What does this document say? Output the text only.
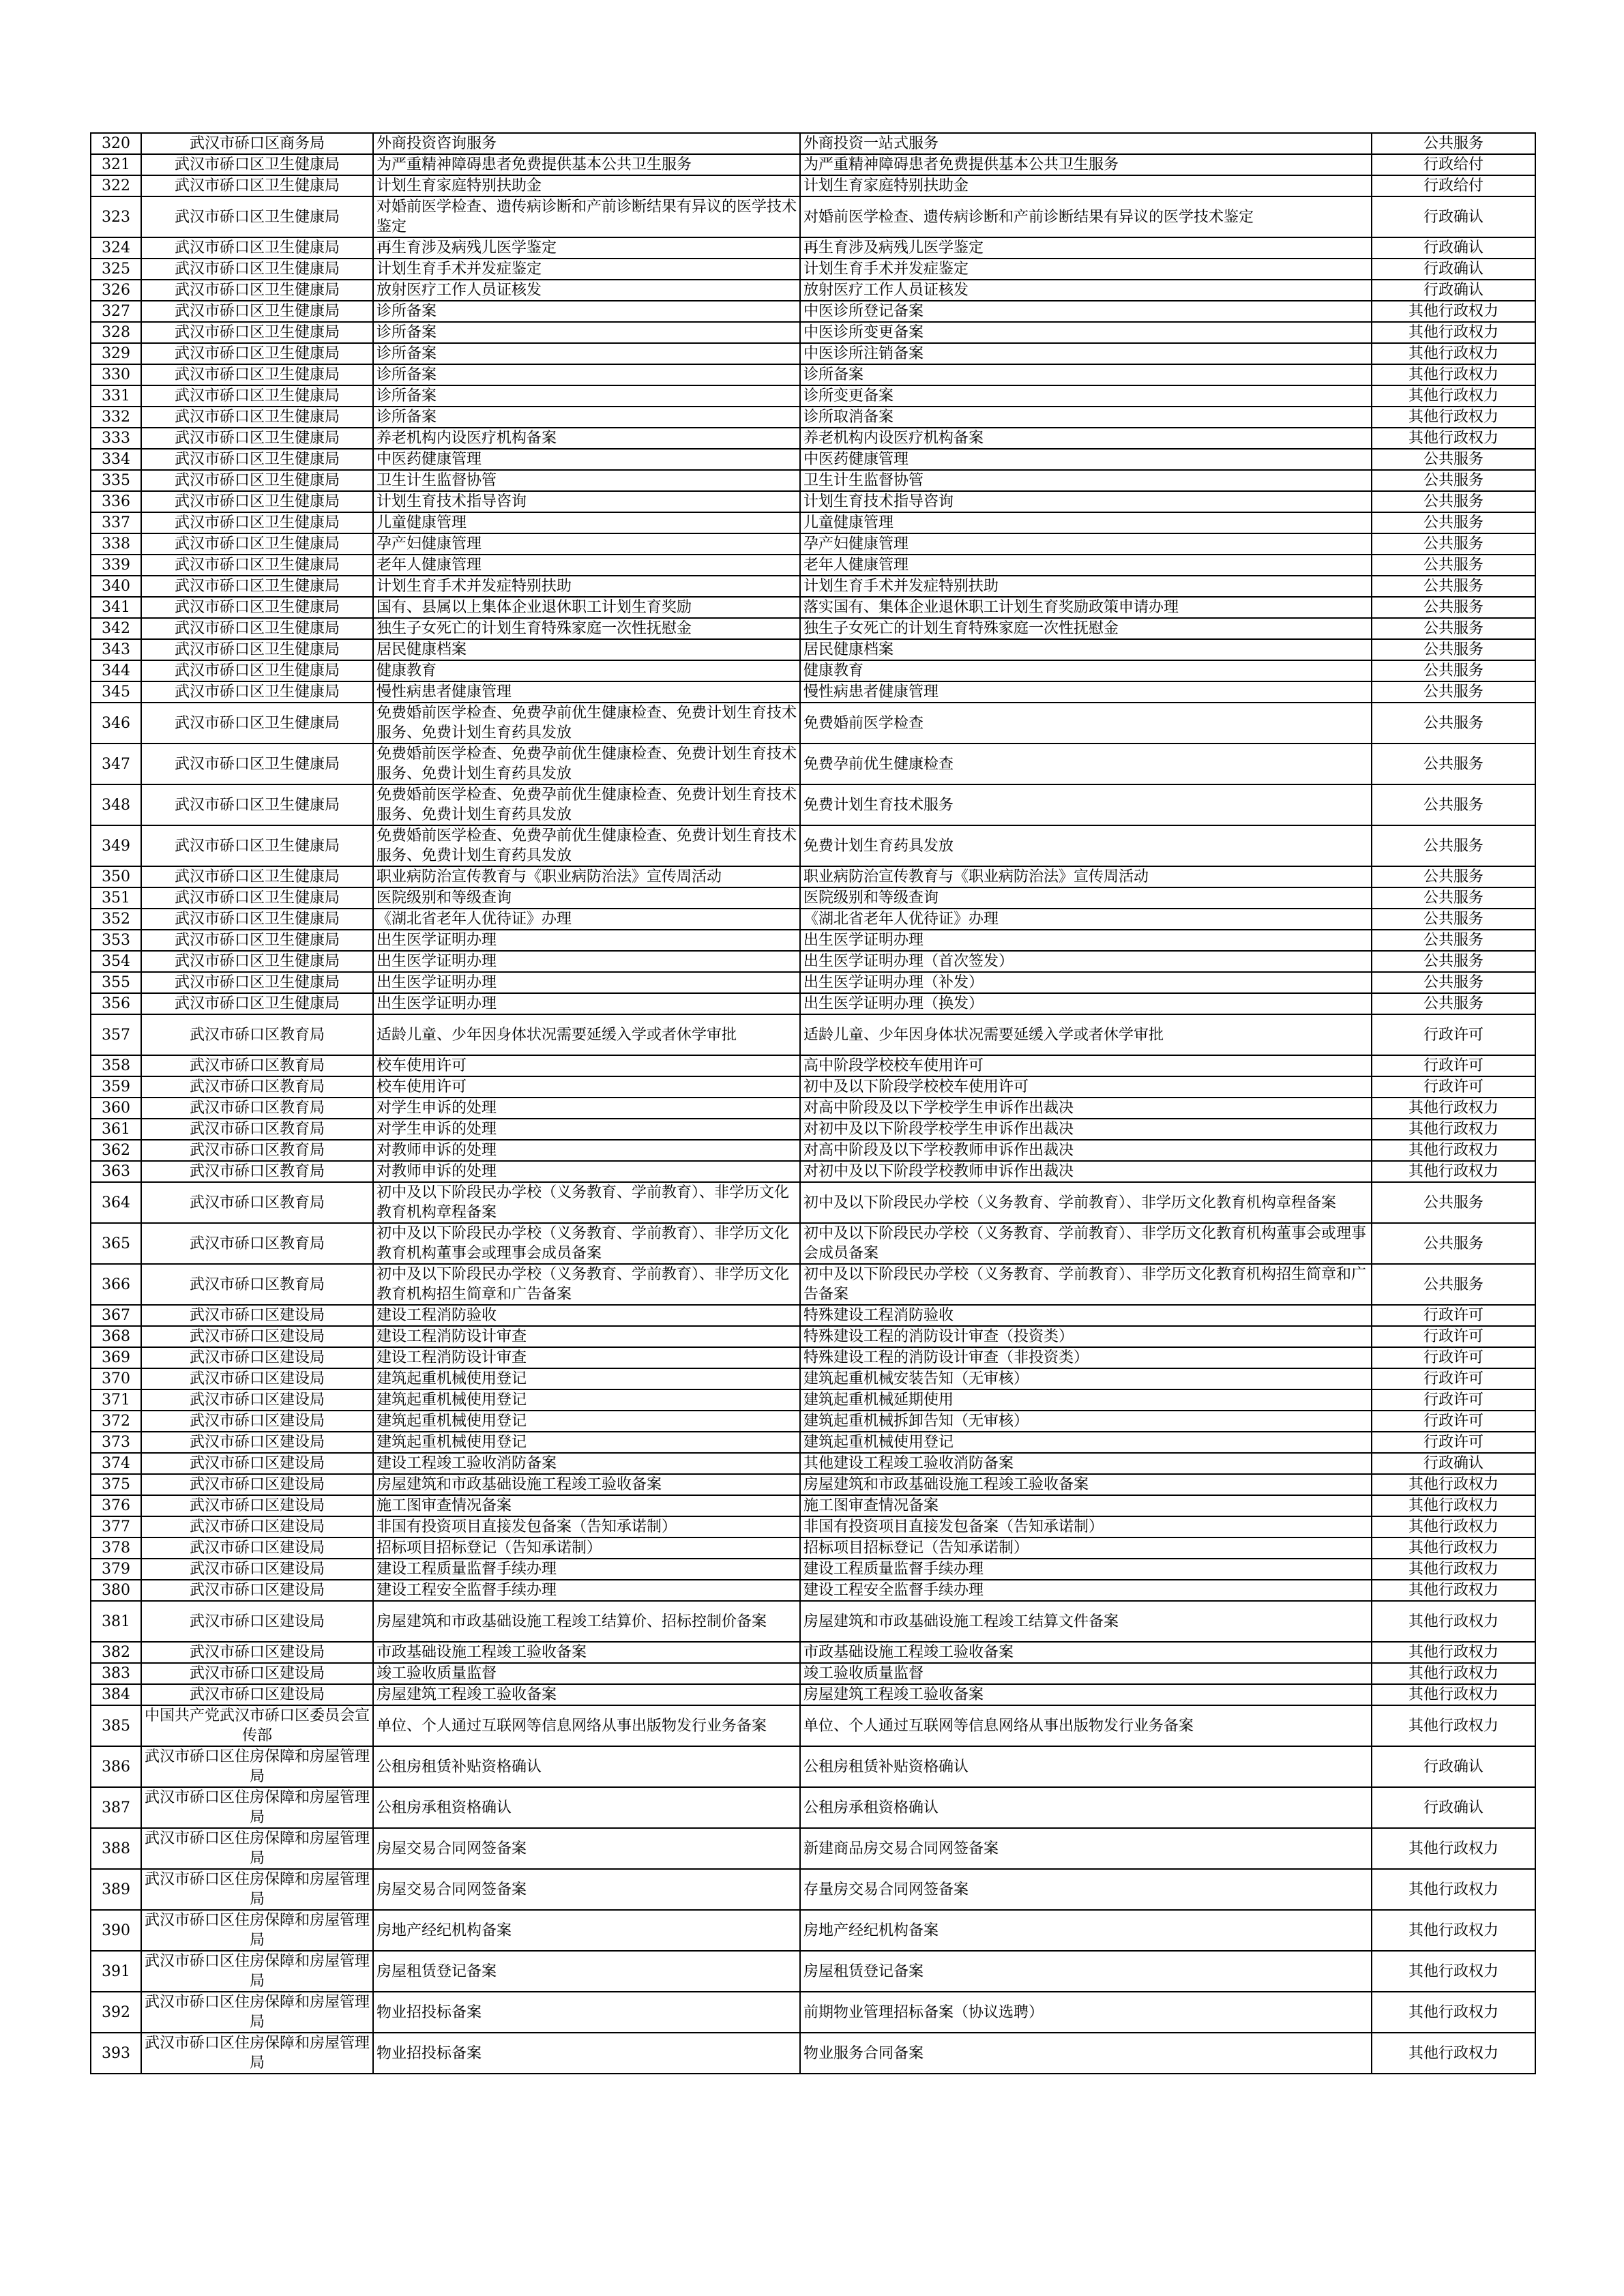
320	武汉市硚口区商务局	外商投资咨询服务	外商投资一站式服务	公共服务
321	武汉市硚口区卫生健康局	为严重精神障碍患者免费提供基本公共卫生服务	为严重精神障碍患者免费提供基本公共卫生服务	行政给付
322	武汉市硚口区卫生健康局	计划生育家庭特别扶助金	计划生育家庭特别扶助金	行政给付
323	武汉市硚口区卫生健康局	对婚前医学检查、遗传病诊断和产前诊断结果有异议的医学技术鉴定	对婚前医学检查、遗传病诊断和产前诊断结果有异议的医学技术鉴定	行政确认
324	武汉市硚口区卫生健康局	再生育涉及病残儿医学鉴定	再生育涉及病残儿医学鉴定	行政确认
325	武汉市硚口区卫生健康局	计划生育手术并发症鉴定	计划生育手术并发症鉴定	行政确认
326	武汉市硚口区卫生健康局	放射医疗工作人员证核发	放射医疗工作人员证核发	行政确认
327	武汉市硚口区卫生健康局	诊所备案	中医诊所登记备案	其他行政权力
328	武汉市硚口区卫生健康局	诊所备案	中医诊所变更备案	其他行政权力
329	武汉市硚口区卫生健康局	诊所备案	中医诊所注销备案	其他行政权力
330	武汉市硚口区卫生健康局	诊所备案	诊所备案	其他行政权力
331	武汉市硚口区卫生健康局	诊所备案	诊所变更备案	其他行政权力
332	武汉市硚口区卫生健康局	诊所备案	诊所取消备案	其他行政权力
333	武汉市硚口区卫生健康局	养老机构内设医疗机构备案	养老机构内设医疗机构备案	其他行政权力
334	武汉市硚口区卫生健康局	中医药健康管理	中医药健康管理	公共服务
335	武汉市硚口区卫生健康局	卫生计生监督协管	卫生计生监督协管	公共服务
336	武汉市硚口区卫生健康局	计划生育技术指导咨询	计划生育技术指导咨询	公共服务
337	武汉市硚口区卫生健康局	儿童健康管理	儿童健康管理	公共服务
338	武汉市硚口区卫生健康局	孕产妇健康管理	孕产妇健康管理	公共服务
339	武汉市硚口区卫生健康局	老年人健康管理	老年人健康管理	公共服务
340	武汉市硚口区卫生健康局	计划生育手术并发症特别扶助	计划生育手术并发症特别扶助	公共服务
341	武汉市硚口区卫生健康局	国有、县属以上集体企业退休职工计划生育奖励	落实国有、集体企业退休职工计划生育奖励政策申请办理	公共服务
342	武汉市硚口区卫生健康局	独生子女死亡的计划生育特殊家庭一次性抚慰金	独生子女死亡的计划生育特殊家庭一次性抚慰金	公共服务
343	武汉市硚口区卫生健康局	居民健康档案	居民健康档案	公共服务
344	武汉市硚口区卫生健康局	健康教育	健康教育	公共服务
345	武汉市硚口区卫生健康局	慢性病患者健康管理	慢性病患者健康管理	公共服务
346	武汉市硚口区卫生健康局	免费婚前医学检查、免费孕前优生健康检查、免费计划生育技术服务、免费计划生育药具发放	免费婚前医学检查	公共服务
347	武汉市硚口区卫生健康局	免费婚前医学检查、免费孕前优生健康检查、免费计划生育技术服务、免费计划生育药具发放	免费孕前优生健康检查	公共服务
348	武汉市硚口区卫生健康局	免费婚前医学检查、免费孕前优生健康检查、免费计划生育技术服务、免费计划生育药具发放	免费计划生育技术服务	公共服务
349	武汉市硚口区卫生健康局	免费婚前医学检查、免费孕前优生健康检查、免费计划生育技术服务、免费计划生育药具发放	免费计划生育药具发放	公共服务
350	武汉市硚口区卫生健康局	职业病防治宣传教育与《职业病防治法》宣传周活动	职业病防治宣传教育与《职业病防治法》宣传周活动	公共服务
351	武汉市硚口区卫生健康局	医院级别和等级查询	医院级别和等级查询	公共服务
352	武汉市硚口区卫生健康局	《湖北省老年人优待证》办理	《湖北省老年人优待证》办理	公共服务
353	武汉市硚口区卫生健康局	出生医学证明办理	出生医学证明办理	公共服务
354	武汉市硚口区卫生健康局	出生医学证明办理	出生医学证明办理（首次签发）	公共服务
355	武汉市硚口区卫生健康局	出生医学证明办理	出生医学证明办理（补发）	公共服务
356	武汉市硚口区卫生健康局	出生医学证明办理	出生医学证明办理（换发）	公共服务
357	武汉市硚口区教育局	适龄儿童、少年因身体状况需要延缓入学或者休学审批	适龄儿童、少年因身体状况需要延缓入学或者休学审批	行政许可
358	武汉市硚口区教育局	校车使用许可	高中阶段学校校车使用许可	行政许可
359	武汉市硚口区教育局	校车使用许可	初中及以下阶段学校校车使用许可	行政许可
360	武汉市硚口区教育局	对学生申诉的处理	对高中阶段及以下学校学生申诉作出裁决	其他行政权力
361	武汉市硚口区教育局	对学生申诉的处理	对初中及以下阶段学校学生申诉作出裁决	其他行政权力
362	武汉市硚口区教育局	对教师申诉的处理	对高中阶段及以下学校教师申诉作出裁决	其他行政权力
363	武汉市硚口区教育局	对教师申诉的处理	对初中及以下阶段学校教师申诉作出裁决	其他行政权力
364	武汉市硚口区教育局	初中及以下阶段民办学校（义务教育、学前教育）、非学历文化教育机构章程备案	初中及以下阶段民办学校（义务教育、学前教育）、非学历文化教育机构章程备案	公共服务
365	武汉市硚口区教育局	初中及以下阶段民办学校（义务教育、学前教育）、非学历文化教育机构董事会或理事会成员备案	初中及以下阶段民办学校（义务教育、学前教育）、非学历文化教育机构董事会或理事会成员备案	公共服务
366	武汉市硚口区教育局	初中及以下阶段民办学校（义务教育、学前教育）、非学历文化教育机构招生简章和广告备案	初中及以下阶段民办学校（义务教育、学前教育）、非学历文化教育机构招生简章和广告备案	公共服务
367	武汉市硚口区建设局	建设工程消防验收	特殊建设工程消防验收	行政许可
368	武汉市硚口区建设局	建设工程消防设计审查	特殊建设工程的消防设计审查（投资类）	行政许可
369	武汉市硚口区建设局	建设工程消防设计审查	特殊建设工程的消防设计审查（非投资类）	行政许可
370	武汉市硚口区建设局	建筑起重机械使用登记	建筑起重机械安装告知（无审核）	行政许可
371	武汉市硚口区建设局	建筑起重机械使用登记	建筑起重机械延期使用	行政许可
372	武汉市硚口区建设局	建筑起重机械使用登记	建筑起重机械拆卸告知（无审核）	行政许可
373	武汉市硚口区建设局	建筑起重机械使用登记	建筑起重机械使用登记	行政许可
374	武汉市硚口区建设局	建设工程竣工验收消防备案	其他建设工程竣工验收消防备案	行政确认
375	武汉市硚口区建设局	房屋建筑和市政基础设施工程竣工验收备案	房屋建筑和市政基础设施工程竣工验收备案	其他行政权力
376	武汉市硚口区建设局	施工图审查情况备案	施工图审查情况备案	其他行政权力
377	武汉市硚口区建设局	非国有投资项目直接发包备案（告知承诺制）	非国有投资项目直接发包备案（告知承诺制）	其他行政权力
378	武汉市硚口区建设局	招标项目招标登记（告知承诺制）	招标项目招标登记（告知承诺制）	其他行政权力
379	武汉市硚口区建设局	建设工程质量监督手续办理	建设工程质量监督手续办理	其他行政权力
380	武汉市硚口区建设局	建设工程安全监督手续办理	建设工程安全监督手续办理	其他行政权力
381	武汉市硚口区建设局	房屋建筑和市政基础设施工程竣工结算价、招标控制价备案	房屋建筑和市政基础设施工程竣工结算文件备案	其他行政权力
382	武汉市硚口区建设局	市政基础设施工程竣工验收备案	市政基础设施工程竣工验收备案	其他行政权力
383	武汉市硚口区建设局	竣工验收质量监督	竣工验收质量监督	其他行政权力
384	武汉市硚口区建设局	房屋建筑工程竣工验收备案	房屋建筑工程竣工验收备案	其他行政权力
385	中国共产党武汉市硚口区委员会宣传部	单位、个人通过互联网等信息网络从事出版物发行业务备案	单位、个人通过互联网等信息网络从事出版物发行业务备案	其他行政权力
386	武汉市硚口区住房保障和房屋管理局	公租房租赁补贴资格确认	公租房租赁补贴资格确认	行政确认
387	武汉市硚口区住房保障和房屋管理局	公租房承租资格确认	公租房承租资格确认	行政确认
388	武汉市硚口区住房保障和房屋管理局	房屋交易合同网签备案	新建商品房交易合同网签备案	其他行政权力
389	武汉市硚口区住房保障和房屋管理局	房屋交易合同网签备案	存量房交易合同网签备案	其他行政权力
390	武汉市硚口区住房保障和房屋管理局	房地产经纪机构备案	房地产经纪机构备案	其他行政权力
391	武汉市硚口区住房保障和房屋管理局	房屋租赁登记备案	房屋租赁登记备案	其他行政权力
392	武汉市硚口区住房保障和房屋管理局	物业招投标备案	前期物业管理招标备案（协议选聘）	其他行政权力
393	武汉市硚口区住房保障和房屋管理局	物业招投标备案	物业服务合同备案	其他行政权力
